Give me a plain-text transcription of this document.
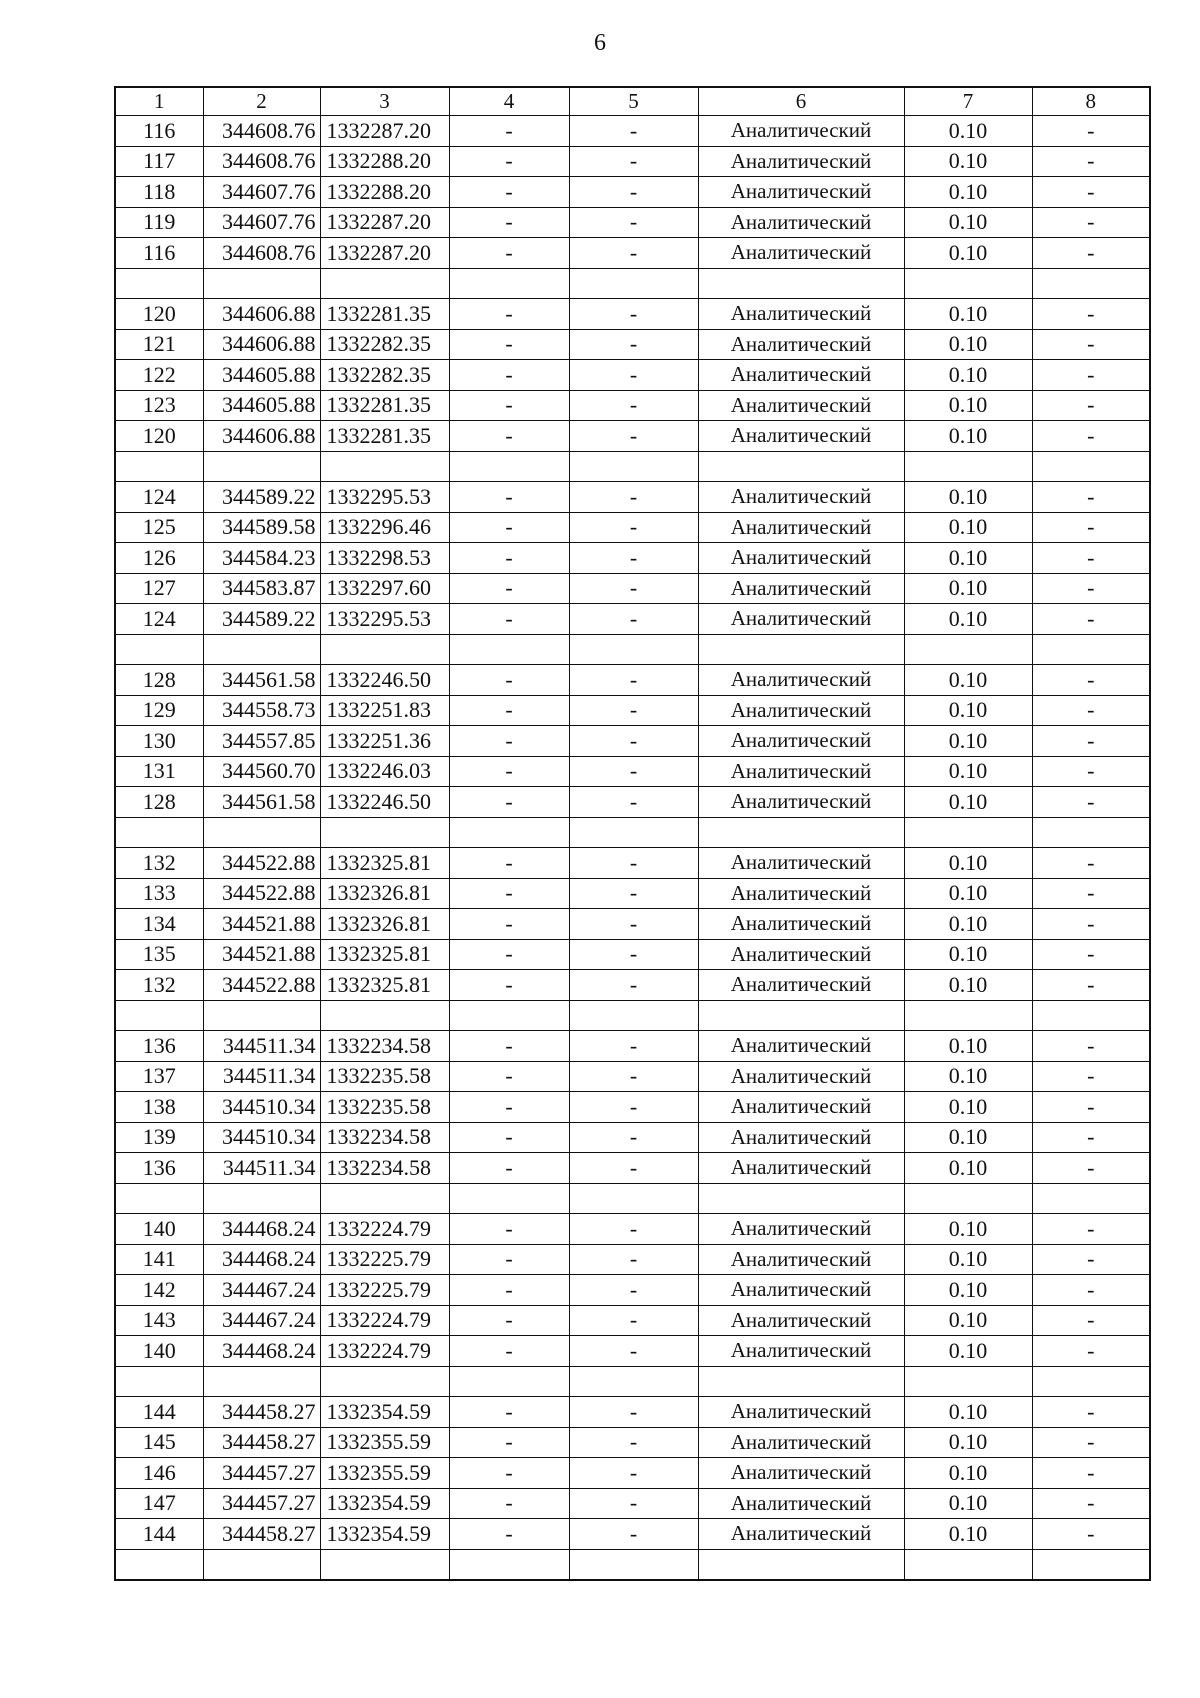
6
1	2	3	4	5	6	7	8
116	344608.76	1332287.20	-	-	Аналитический	0.10	-
117	344608.76	1332288.20	-	-	Аналитический	0.10	-
118	344607.76	1332288.20	-	-	Аналитический	0.10	-
119	344607.76	1332287.20	-	-	Аналитический	0.10	-
116	344608.76	1332287.20	-	-	Аналитический	0.10	-

120	344606.88	1332281.35	-	-	Аналитический	0.10	-
121	344606.88	1332282.35	-	-	Аналитический	0.10	-
122	344605.88	1332282.35	-	-	Аналитический	0.10	-
123	344605.88	1332281.35	-	-	Аналитический	0.10	-
120	344606.88	1332281.35	-	-	Аналитический	0.10	-

124	344589.22	1332295.53	-	-	Аналитический	0.10	-
125	344589.58	1332296.46	-	-	Аналитический	0.10	-
126	344584.23	1332298.53	-	-	Аналитический	0.10	-
127	344583.87	1332297.60	-	-	Аналитический	0.10	-
124	344589.22	1332295.53	-	-	Аналитический	0.10	-

128	344561.58	1332246.50	-	-	Аналитический	0.10	-
129	344558.73	1332251.83	-	-	Аналитический	0.10	-
130	344557.85	1332251.36	-	-	Аналитический	0.10	-
131	344560.70	1332246.03	-	-	Аналитический	0.10	-
128	344561.58	1332246.50	-	-	Аналитический	0.10	-

132	344522.88	1332325.81	-	-	Аналитический	0.10	-
133	344522.88	1332326.81	-	-	Аналитический	0.10	-
134	344521.88	1332326.81	-	-	Аналитический	0.10	-
135	344521.88	1332325.81	-	-	Аналитический	0.10	-
132	344522.88	1332325.81	-	-	Аналитический	0.10	-

136	344511.34	1332234.58	-	-	Аналитический	0.10	-
137	344511.34	1332235.58	-	-	Аналитический	0.10	-
138	344510.34	1332235.58	-	-	Аналитический	0.10	-
139	344510.34	1332234.58	-	-	Аналитический	0.10	-
136	344511.34	1332234.58	-	-	Аналитический	0.10	-

140	344468.24	1332224.79	-	-	Аналитический	0.10	-
141	344468.24	1332225.79	-	-	Аналитический	0.10	-
142	344467.24	1332225.79	-	-	Аналитический	0.10	-
143	344467.24	1332224.79	-	-	Аналитический	0.10	-
140	344468.24	1332224.79	-	-	Аналитический	0.10	-

144	344458.27	1332354.59	-	-	Аналитический	0.10	-
145	344458.27	1332355.59	-	-	Аналитический	0.10	-
146	344457.27	1332355.59	-	-	Аналитический	0.10	-
147	344457.27	1332354.59	-	-	Аналитический	0.10	-
144	344458.27	1332354.59	-	-	Аналитический	0.10	-
